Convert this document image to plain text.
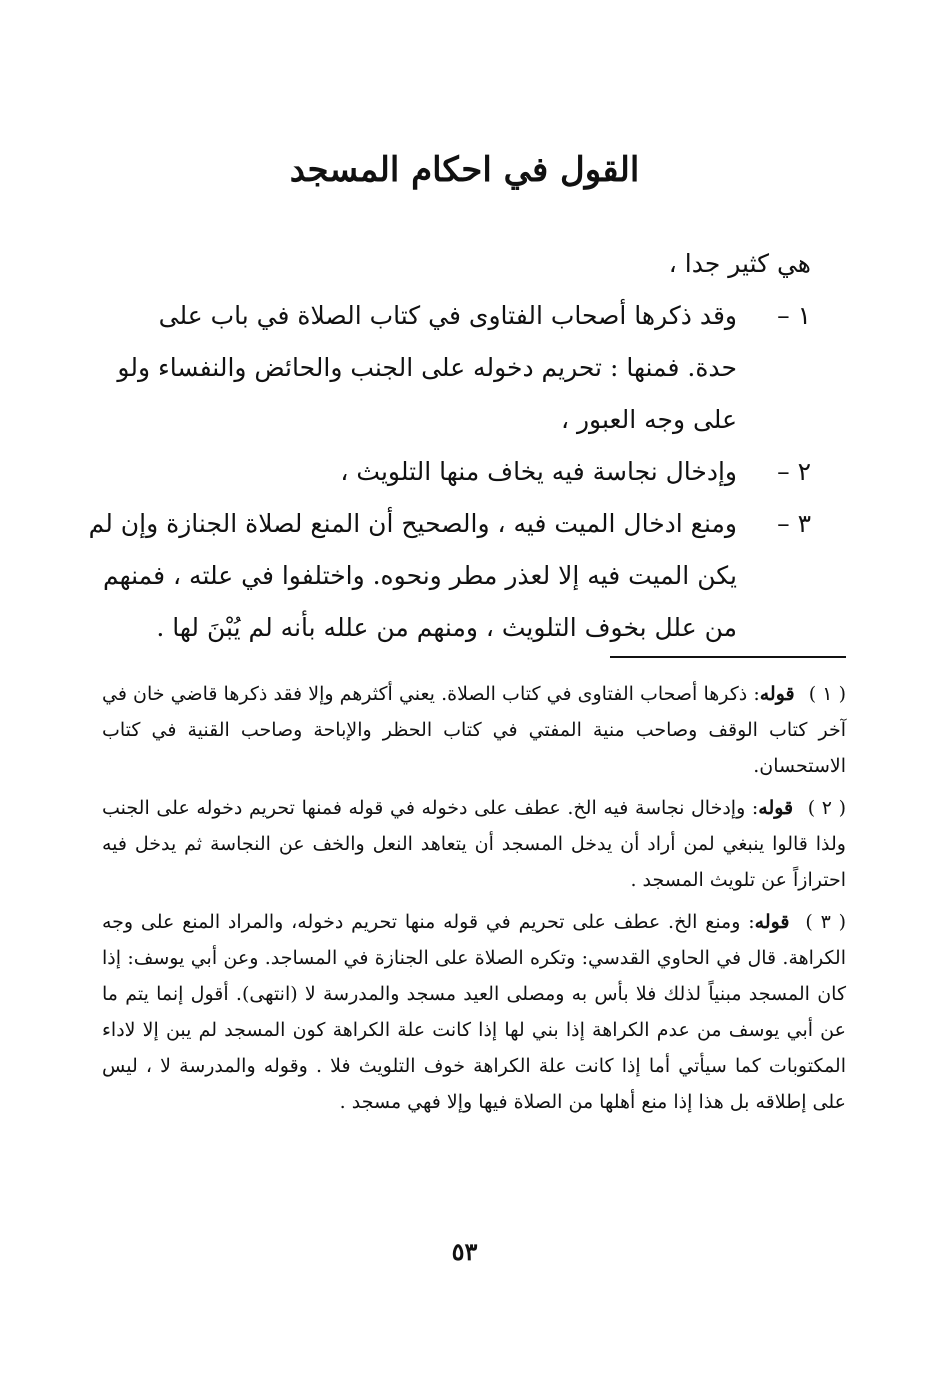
القول في احكام المسجد
هي كثير جدا ،
١ –
وقد ذكرها أصحاب الفتاوى في كتاب الصلاة في باب على
حدة. فمنها : تحريم دخوله على الجنب والحائض والنفساء ولو
على وجه العبور ،
٢ –
وإدخال نجاسة فيه يخاف منها التلويث ،
٣ –
ومنع ادخال الميت فيه ، والصحيح أن المنع لصلاة الجنازة وإن لم
يكن الميت فيه إلا لعذر مطر ونحوه. واختلفوا في علته ، فمنهم
من علل بخوف التلويث ، ومنهم من علله بأنه لم يُبْنَ لها .

( ١ ) قوله: ذكرها أصحاب الفتاوى في كتاب الصلاة. يعني أكثرهم وإلا فقد ذكرها قاضي خان في آخر كتاب الوقف وصاحب منية المفتي في كتاب الحظر والإباحة وصاحب القنية في كتاب الاستحسان.

( ٢ ) قوله: وإدخال نجاسة فيه الخ. عطف على دخوله في قوله فمنها تحريم دخوله على الجنب ولذا قالوا ينبغي لمن أراد أن يدخل المسجد أن يتعاهد النعل والخف عن النجاسة ثم يدخل فيه احترازاً عن تلويث المسجد .

( ٣ ) قوله: ومنع الخ. عطف على تحريم في قوله منها تحريم دخوله، والمراد المنع على وجه الكراهة. قال في الحاوي القدسي: وتكره الصلاة على الجنازة في المساجد. وعن أبي يوسف: إذا كان المسجد مبنياً لذلك فلا بأس به ومصلى العيد مسجد والمدرسة لا (انتهى). أقول إنما يتم ما عن أبي يوسف من عدم الكراهة إذا بني لها إذا كانت علة الكراهة كون المسجد لم يبن إلا لاداء المكتوبات كما سيأتي أما إذا كانت علة الكراهة خوف التلويث فلا . وقوله والمدرسة لا ، ليس على إطلاقه بل هذا إذا منع أهلها من الصلاة فيها وإلا فهي مسجد .

٥٣
